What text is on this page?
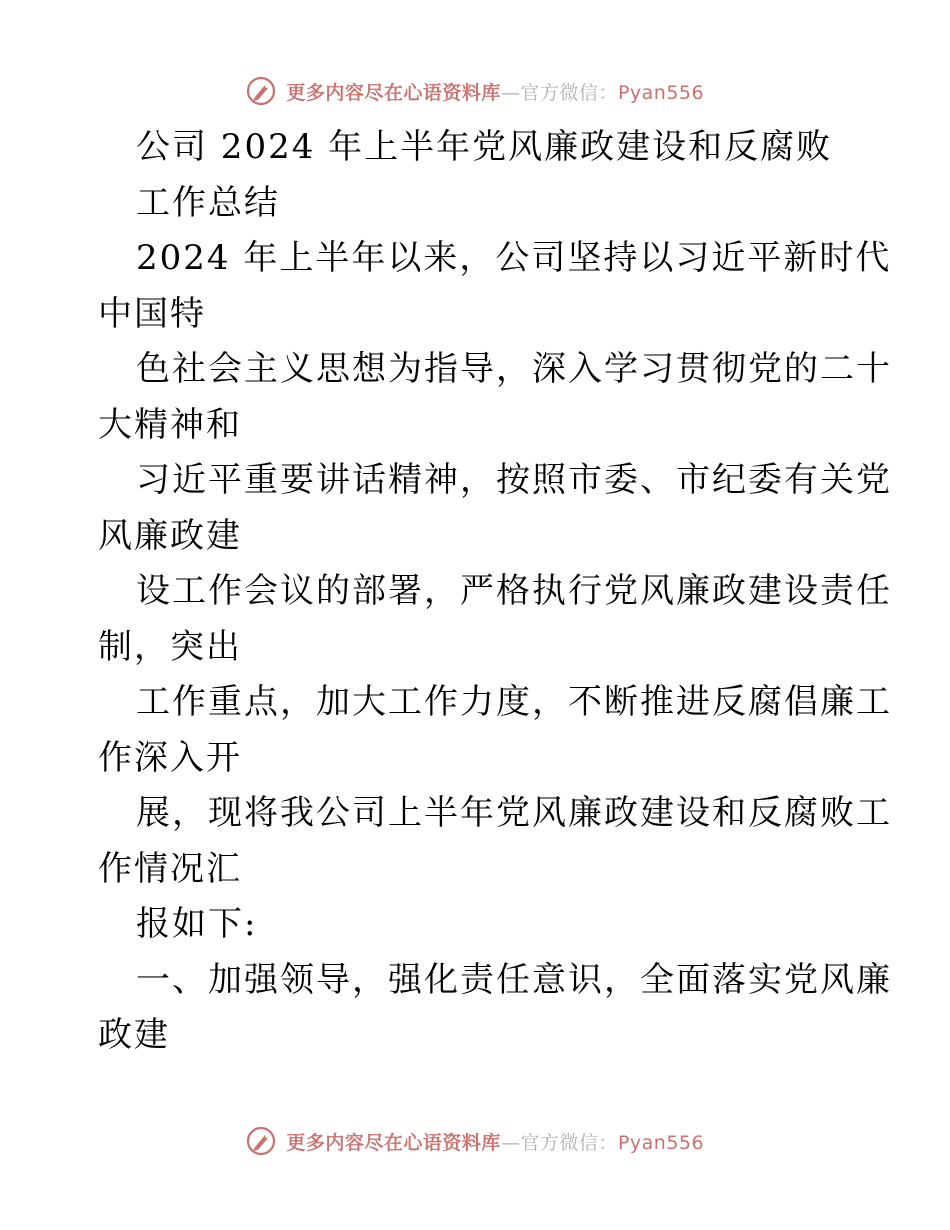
更多内容尽在心语资料库—官方微信：Pyan556
公司 2024 年上半年党风廉政建设和反腐败
工作总结
2024 年上半年以来，公司坚持以习近平新时代
中国特
色社会主义思想为指导，深入学习贯彻党的二十
大精神和
习近平重要讲话精神，按照市委、市纪委有关党
风廉政建
设工作会议的部署，严格执行党风廉政建设责任
制，突出
工作重点，加大工作力度，不断推进反腐倡廉工
作深入开
展，现将我公司上半年党风廉政建设和反腐败工
作情况汇
报如下:
一、加强领导，强化责任意识，全面落实党风廉
政建
更多内容尽在心语资料库—官方微信：Pyan556
